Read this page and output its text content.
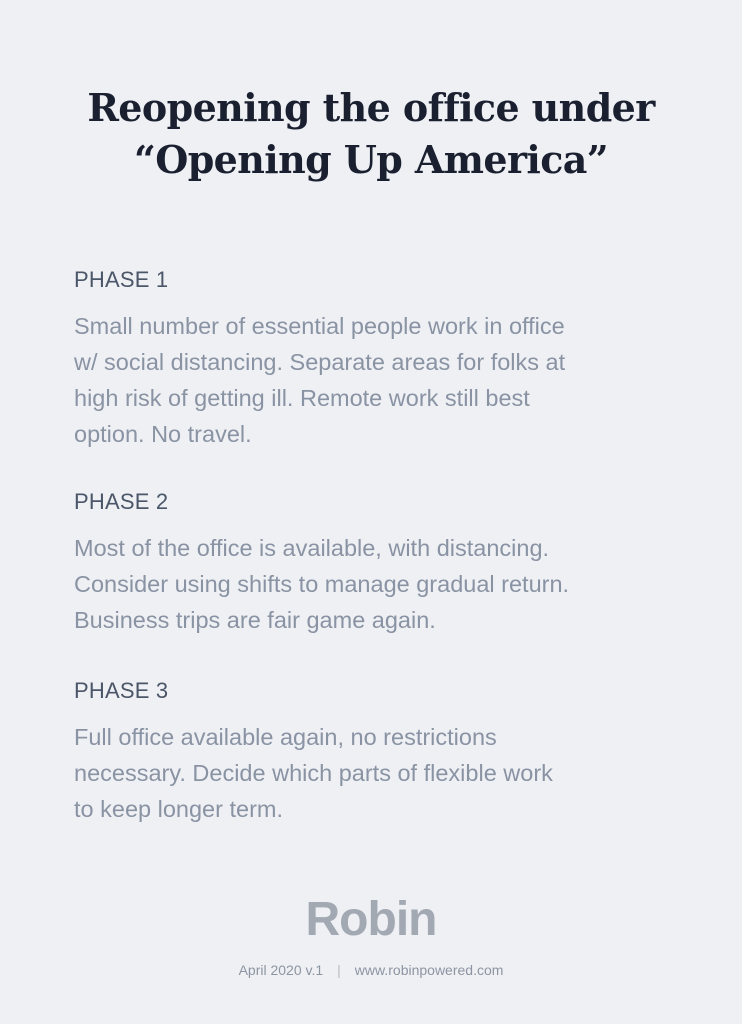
Reopening the office under
“Opening Up America”
PHASE 1

Small number of essential people work in office
w/ social distancing. Separate areas for folks at
high risk of getting ill. Remote work still best
option. No travel.

PHASE 2

Most of the office is available, with distancing.
Consider using shifts to manage gradual return.
Business trips are fair game again.

PHASE 3

Full office available again, no restrictions
necessary. Decide which parts of flexible work
to keep longer term.

Robin
April 2020 v.1 | www.robinpowered.com
